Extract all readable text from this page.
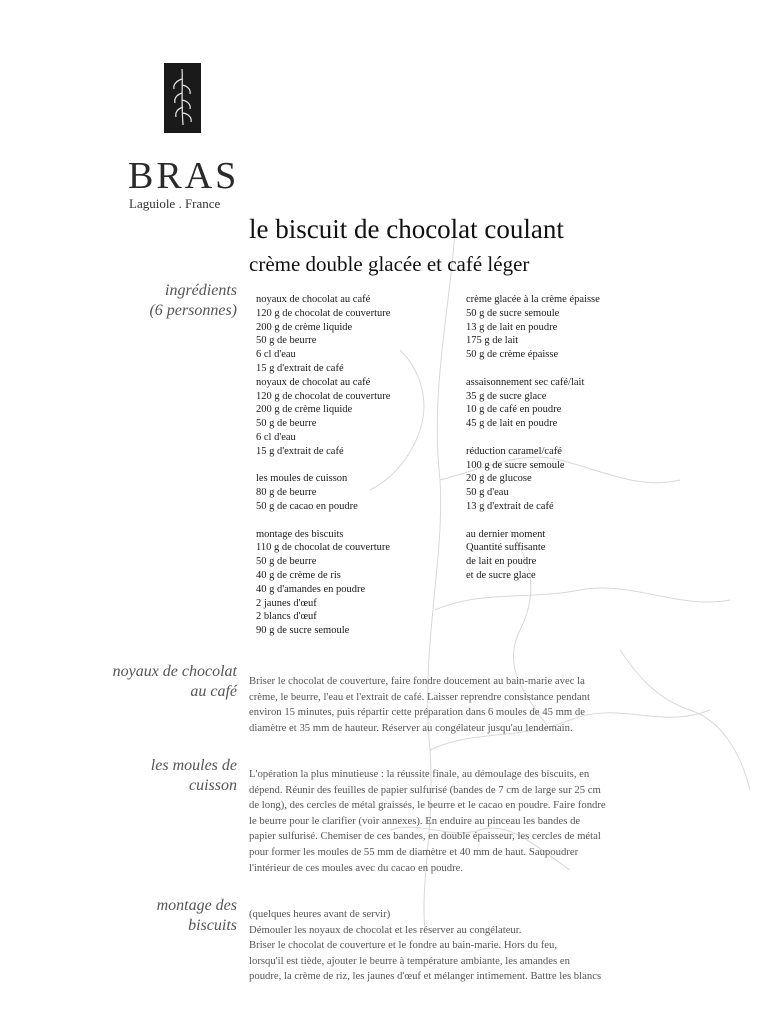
BRAS
Laguiole . France
le biscuit de chocolat coulant
crème double glacée et café léger
ingrédients
(6 personnes)
noyaux de chocolat
au café
les moules de
cuisson
montage des
biscuits
noyaux de chocolat au café
120 g de chocolat de couverture
200 g de crème liquide
50 g de beurre
6 cl d'eau
15 g d'extrait de café
noyaux de chocolat au café
120 g de chocolat de couverture
200 g de crème liquide
50 g de beurre
6 cl d'eau
15 g d'extrait de café
les moules de cuisson
80 g de beurre
50 g de cacao en poudre
montage des biscuits
110 g de chocolat de couverture
50 g de beurre
40 g de crème de ris
40 g d'amandes en poudre
2 jaunes d'œuf
2 blancs d'œuf
90 g de sucre semoule
crème glacée à la crème épaisse
50 g de sucre semoule
13 g de lait en poudre
175 g de lait
50 g de crème épaisse
assaisonnement sec café/lait
35 g de sucre glace
10 g de café en poudre
45 g de lait en poudre
réduction caramel/café
100 g de sucre semoule
20 g de glucose
50 g d'eau
13 g d'extrait de café
au dernier moment
Quantité suffisante
de lait en poudre
et de sucre glace
Briser le chocolat de couverture, faire fondre doucement au bain-marie avec la
crème, le beurre, l'eau et l'extrait de café. Laisser reprendre consistance pendant
environ 15 minutes, puis répartir cette préparation dans 6 moules de 45 mm de
diamètre et 35 mm de hauteur. Réserver au congélateur jusqu'au lendemain.
L'opération la plus minutieuse : la réussite finale, au démoulage des biscuits, en
dépend. Réunir des feuilles de papier sulfurisé (bandes de 7 cm de large sur 25 cm
de long), des cercles de métal graissés, le beurre et le cacao en poudre. Faire fondre
le beurre pour le clarifier (voir annexes). En enduire au pinceau les bandes de
papier sulfurisé. Chemiser de ces bandes, en double épaisseur, les cercles de métal
pour former les moules de 55 mm de diamètre et 40 mm de haut. Saupoudrer
l'intérieur de ces moules avec du cacao en poudre.
(quelques heures avant de servir)
Démouler les noyaux de chocolat et les réserver au congélateur.
Briser le chocolat de couverture et le fondre au bain-marie. Hors du feu,
lorsqu'il est tiède, ajouter le beurre à température ambiante, les amandes en
poudre, la crème de riz, les jaunes d'œuf et mélanger intimement. Battre les blancs
